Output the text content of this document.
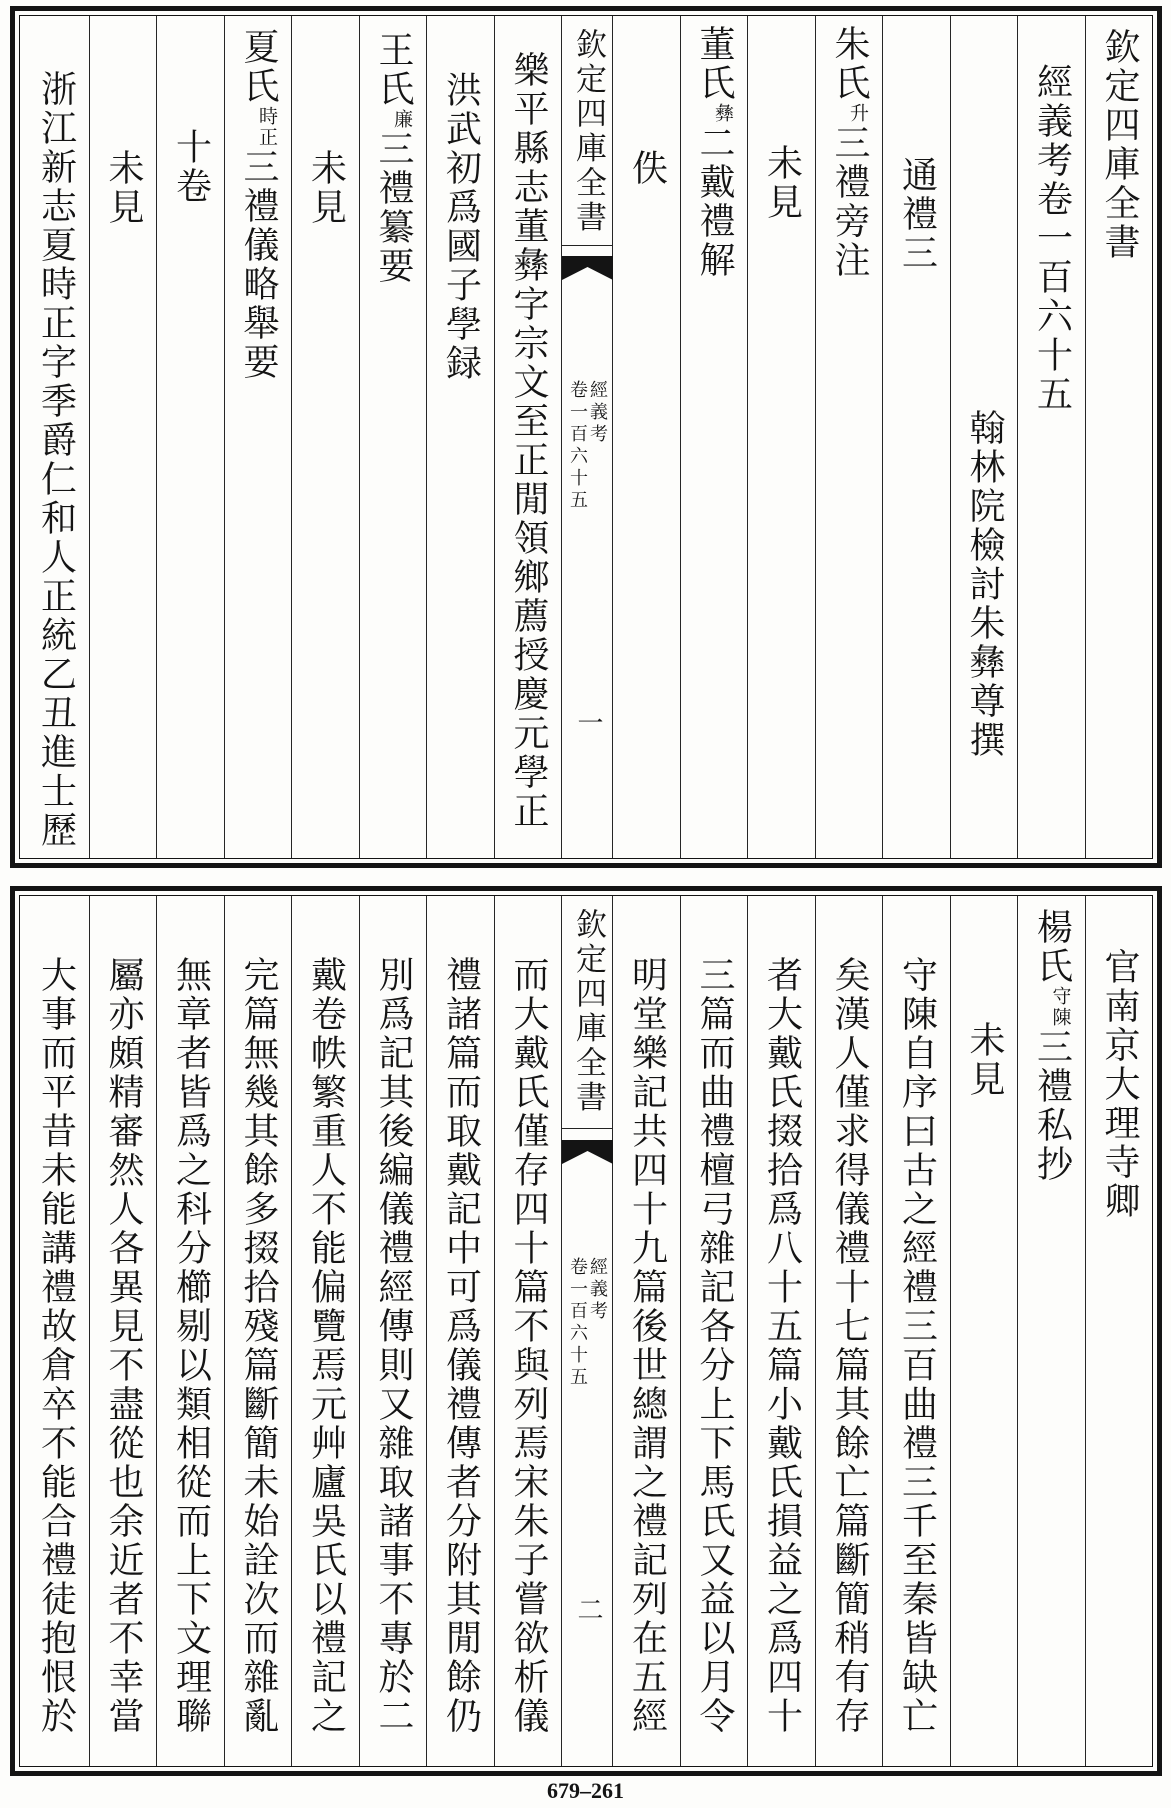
欽定四庫全書
經義考卷一百六十五
翰林院檢討朱彝尊撰
通禮三
朱氏升三禮旁注
未見
董氏彝二戴禮解
佚
欽定四庫全書
經義考
卷一百六十五
一
樂平縣志董彝字宗文至正閒領鄉薦授慶元學正
洪武初爲國子學録
王氏廉三禮纂要
未見
夏氏時正三禮儀略舉要
十卷
未見
浙江新志夏時正字季爵仁和人正統乙丑進士歷
官南京大理寺卿
楊氏守陳三禮私抄
未見
守陳自序曰古之經禮三百曲禮三千至秦皆缺亡
矣漢人僅求得儀禮十七篇其餘亡篇斷簡稍有存
者大戴氏掇拾爲八十五篇小戴氏損益之爲四十
三篇而曲禮檀弓雜記各分上下馬氏又益以月令
明堂樂記共四十九篇後世總謂之禮記列在五經
欽定四庫全書
經義考
卷一百六十五
二
而大戴氏僅存四十篇不與列焉宋朱子嘗欲析儀
禮諸篇而取戴記中可爲儀禮傳者分附其閒餘仍
別爲記其後編儀禮經傳則又雜取諸事不專於二
戴卷帙繁重人不能偏覽焉元艸廬吳氏以禮記之
完篇無幾其餘多掇拾殘篇斷簡未始詮次而雜亂
無章者皆爲之科分櫛剔以類相從而上下文理聯
屬亦頗精審然人各異見不盡從也余近者不幸當
大事而平昔未能講禮故倉卒不能合禮徒抱恨於
679–261
